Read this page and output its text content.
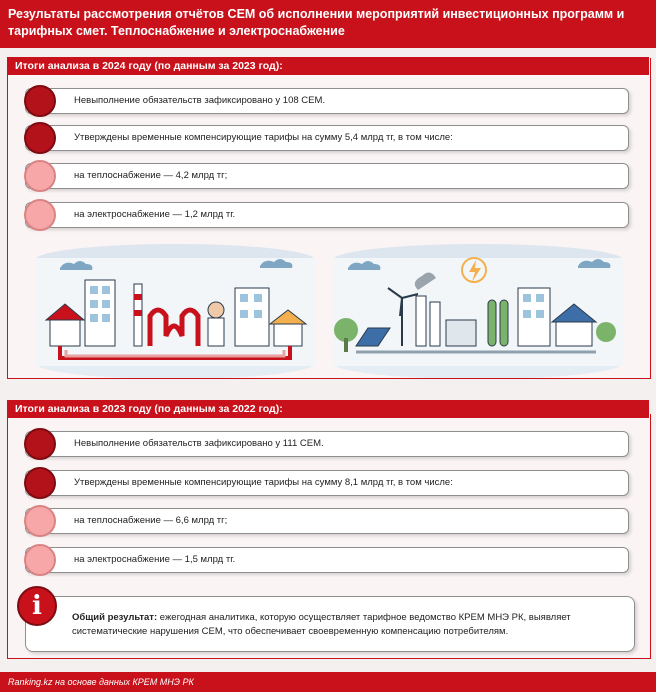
Результаты рассмотрения отчётов СЕМ об исполнении мероприятий инвестиционных программ и тарифных смет. Теплоснабжение и электроснабжение
Итоги анализа в 2024 году (по данным за 2023 год):
Невыполнение обязательств зафиксировано у 108 СЕМ.
Утверждены временные компенсирующие тарифы на сумму 5,4 млрд тг, в том числе:
на теплоснабжение — 4,2 млрд тг;
на электроснабжение — 1,2 млрд тг.
Итоги анализа в 2023 году (по данным за 2022 год):
Невыполнение обязательств зафиксировано у 111 СЕМ.
Утверждены временные компенсирующие тарифы на сумму 8,1 млрд тг, в том числе:
на теплоснабжение — 6,6 млрд тг;
на электроснабжение — 1,5 млрд тг.
Общий результат: ежегодная аналитика, которую осуществляет тарифное ведомство КРЕМ МНЭ РК, выявляет систематические нарушения СЕМ, что обеспечивает своевременную компенсацию потребителям.
i
Ranking.kz на основе данных КРЕМ МНЭ РК
